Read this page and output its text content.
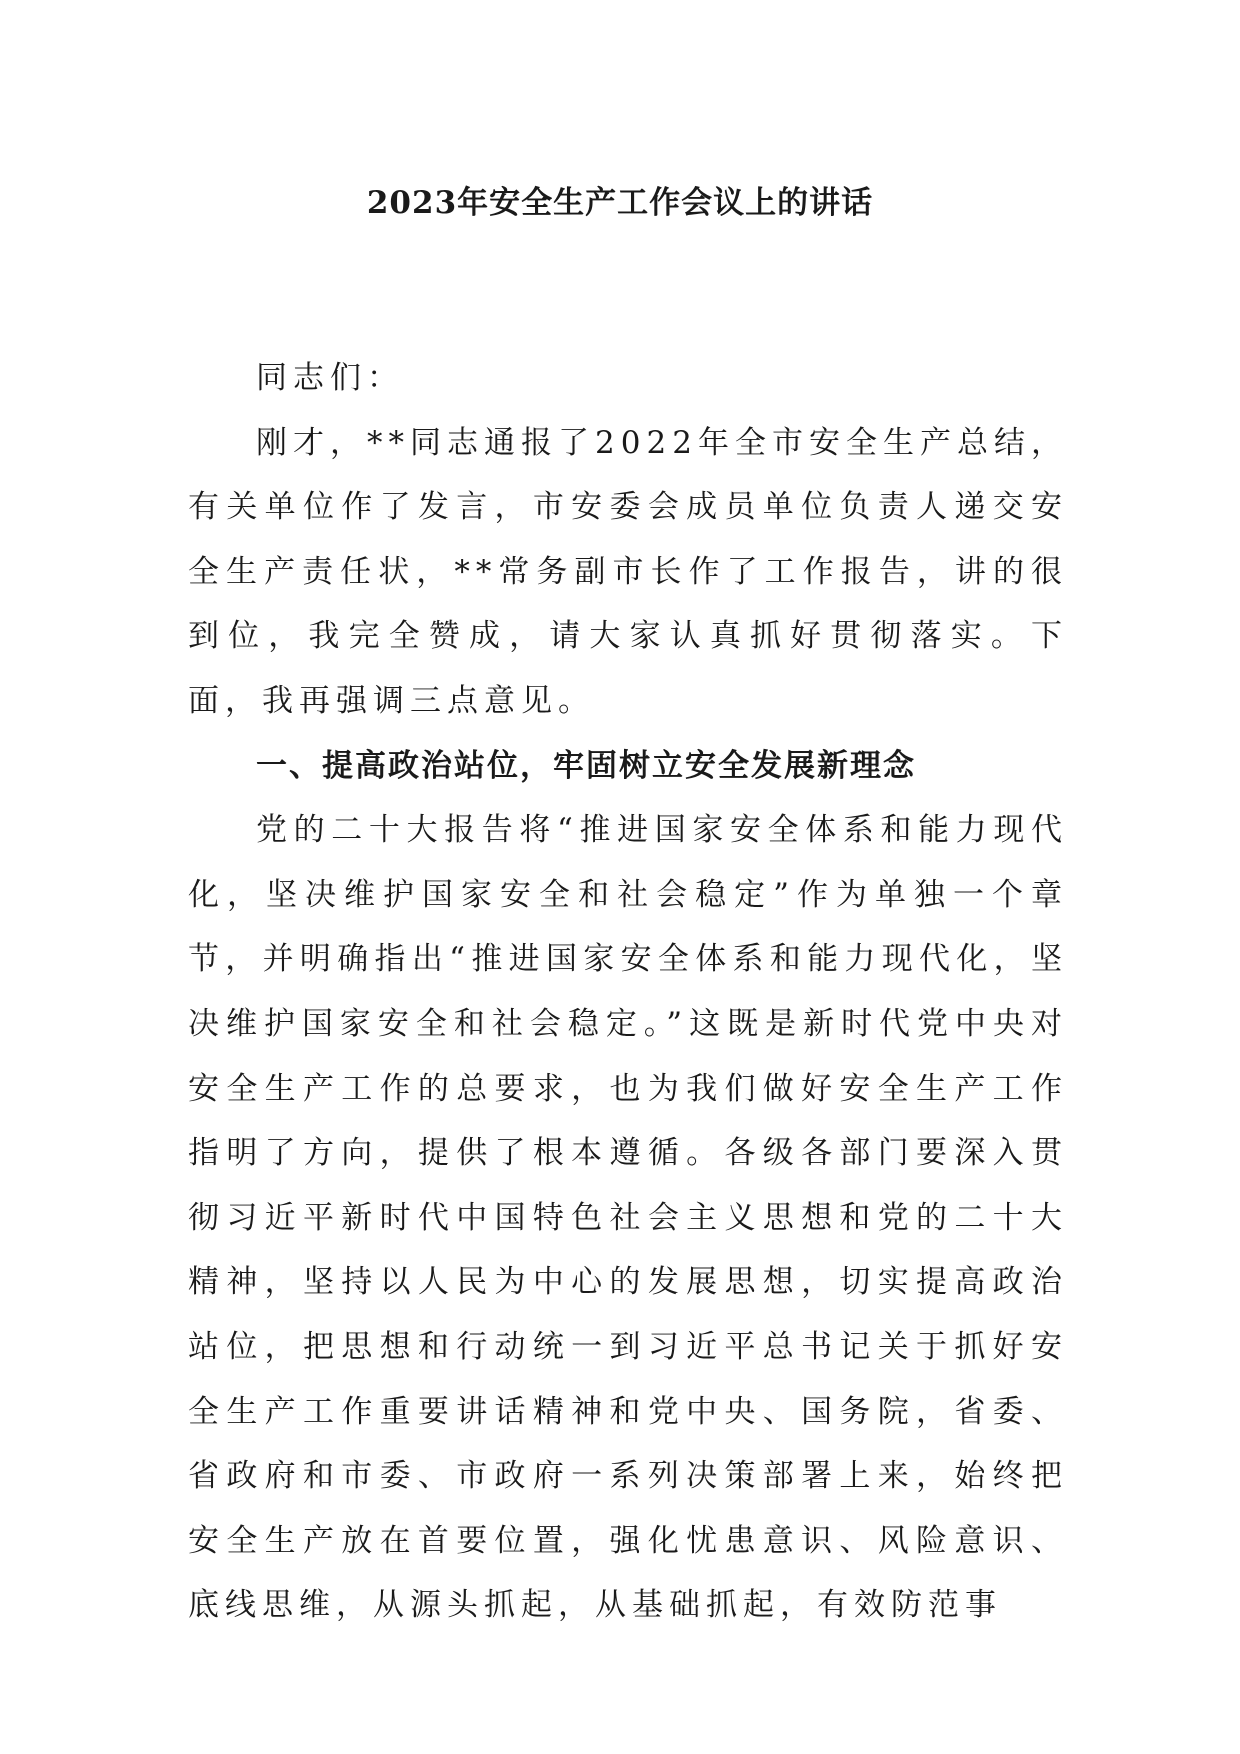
2023年安全生产工作会议上的讲话

同志们：

刚才，**同志通报了2022年全市安全生产总结，有关单位作了发言，市安委会成员单位负责人递交安全生产责任状，**常务副市长作了工作报告，讲的很到位，我完全赞成，请大家认真抓好贯彻落实。下面，我再强调三点意见。

一、提高政治站位，牢固树立安全发展新理念

党的二十大报告将“推进国家安全体系和能力现代化，坚决维护国家安全和社会稳定”作为单独一个章节，并明确指出“推进国家安全体系和能力现代化，坚决维护国家安全和社会稳定。”这既是新时代党中央对安全生产工作的总要求，也为我们做好安全生产工作指明了方向，提供了根本遵循。各级各部门要深入贯彻习近平新时代中国特色社会主义思想和党的二十大精神，坚持以人民为中心的发展思想，切实提高政治站位，把思想和行动统一到习近平总书记关于抓好安全生产工作重要讲话精神和党中央、国务院，省委、省政府和市委、市政府一系列决策部署上来，始终把安全生产放在首要位置，强化忧患意识、风险意识、底线思维，从源头抓起，从基础抓起，有效防范事
